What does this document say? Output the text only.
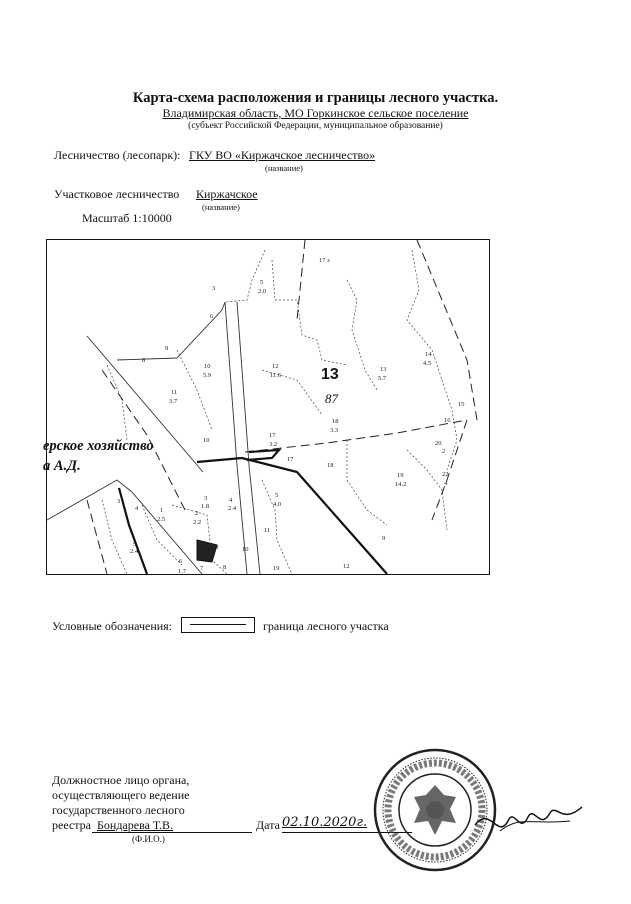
Карта-схема расположения и границы лесного участка.
Владимирская область, МО Горкинское сельское поселение
(субъект Российской Федерации, муниципальное образование)
Лесничество (лесопарк): ГКУ ВО «Киржачское лесничество»
(название)
Участковое лесничество Киржачское
(название)
Масштаб 1:10000
17 з
3
5
2.0
6
8
9
10
5.9
12
11.6
13
5.7
14
4.5
11
3.7	15
16
18
3.3
17
3.2
10
17
18
20
2
19
14.2
22
4
3
1.8
4
2.4
5
4.0
1
2.5
2
2.2
3
4
11
5
2.4
6
10
9
1.7 7	8	19	12
9
13
87
ерское хозяйство
а А.Д.
Условные обозначения:	граница лесного участка
Должностное лицо органа,
осуществляющего ведение
государственного лесного
реестра Бондарева Т.В.
(Ф.И.О.)
Дата 02.10.2020г.
